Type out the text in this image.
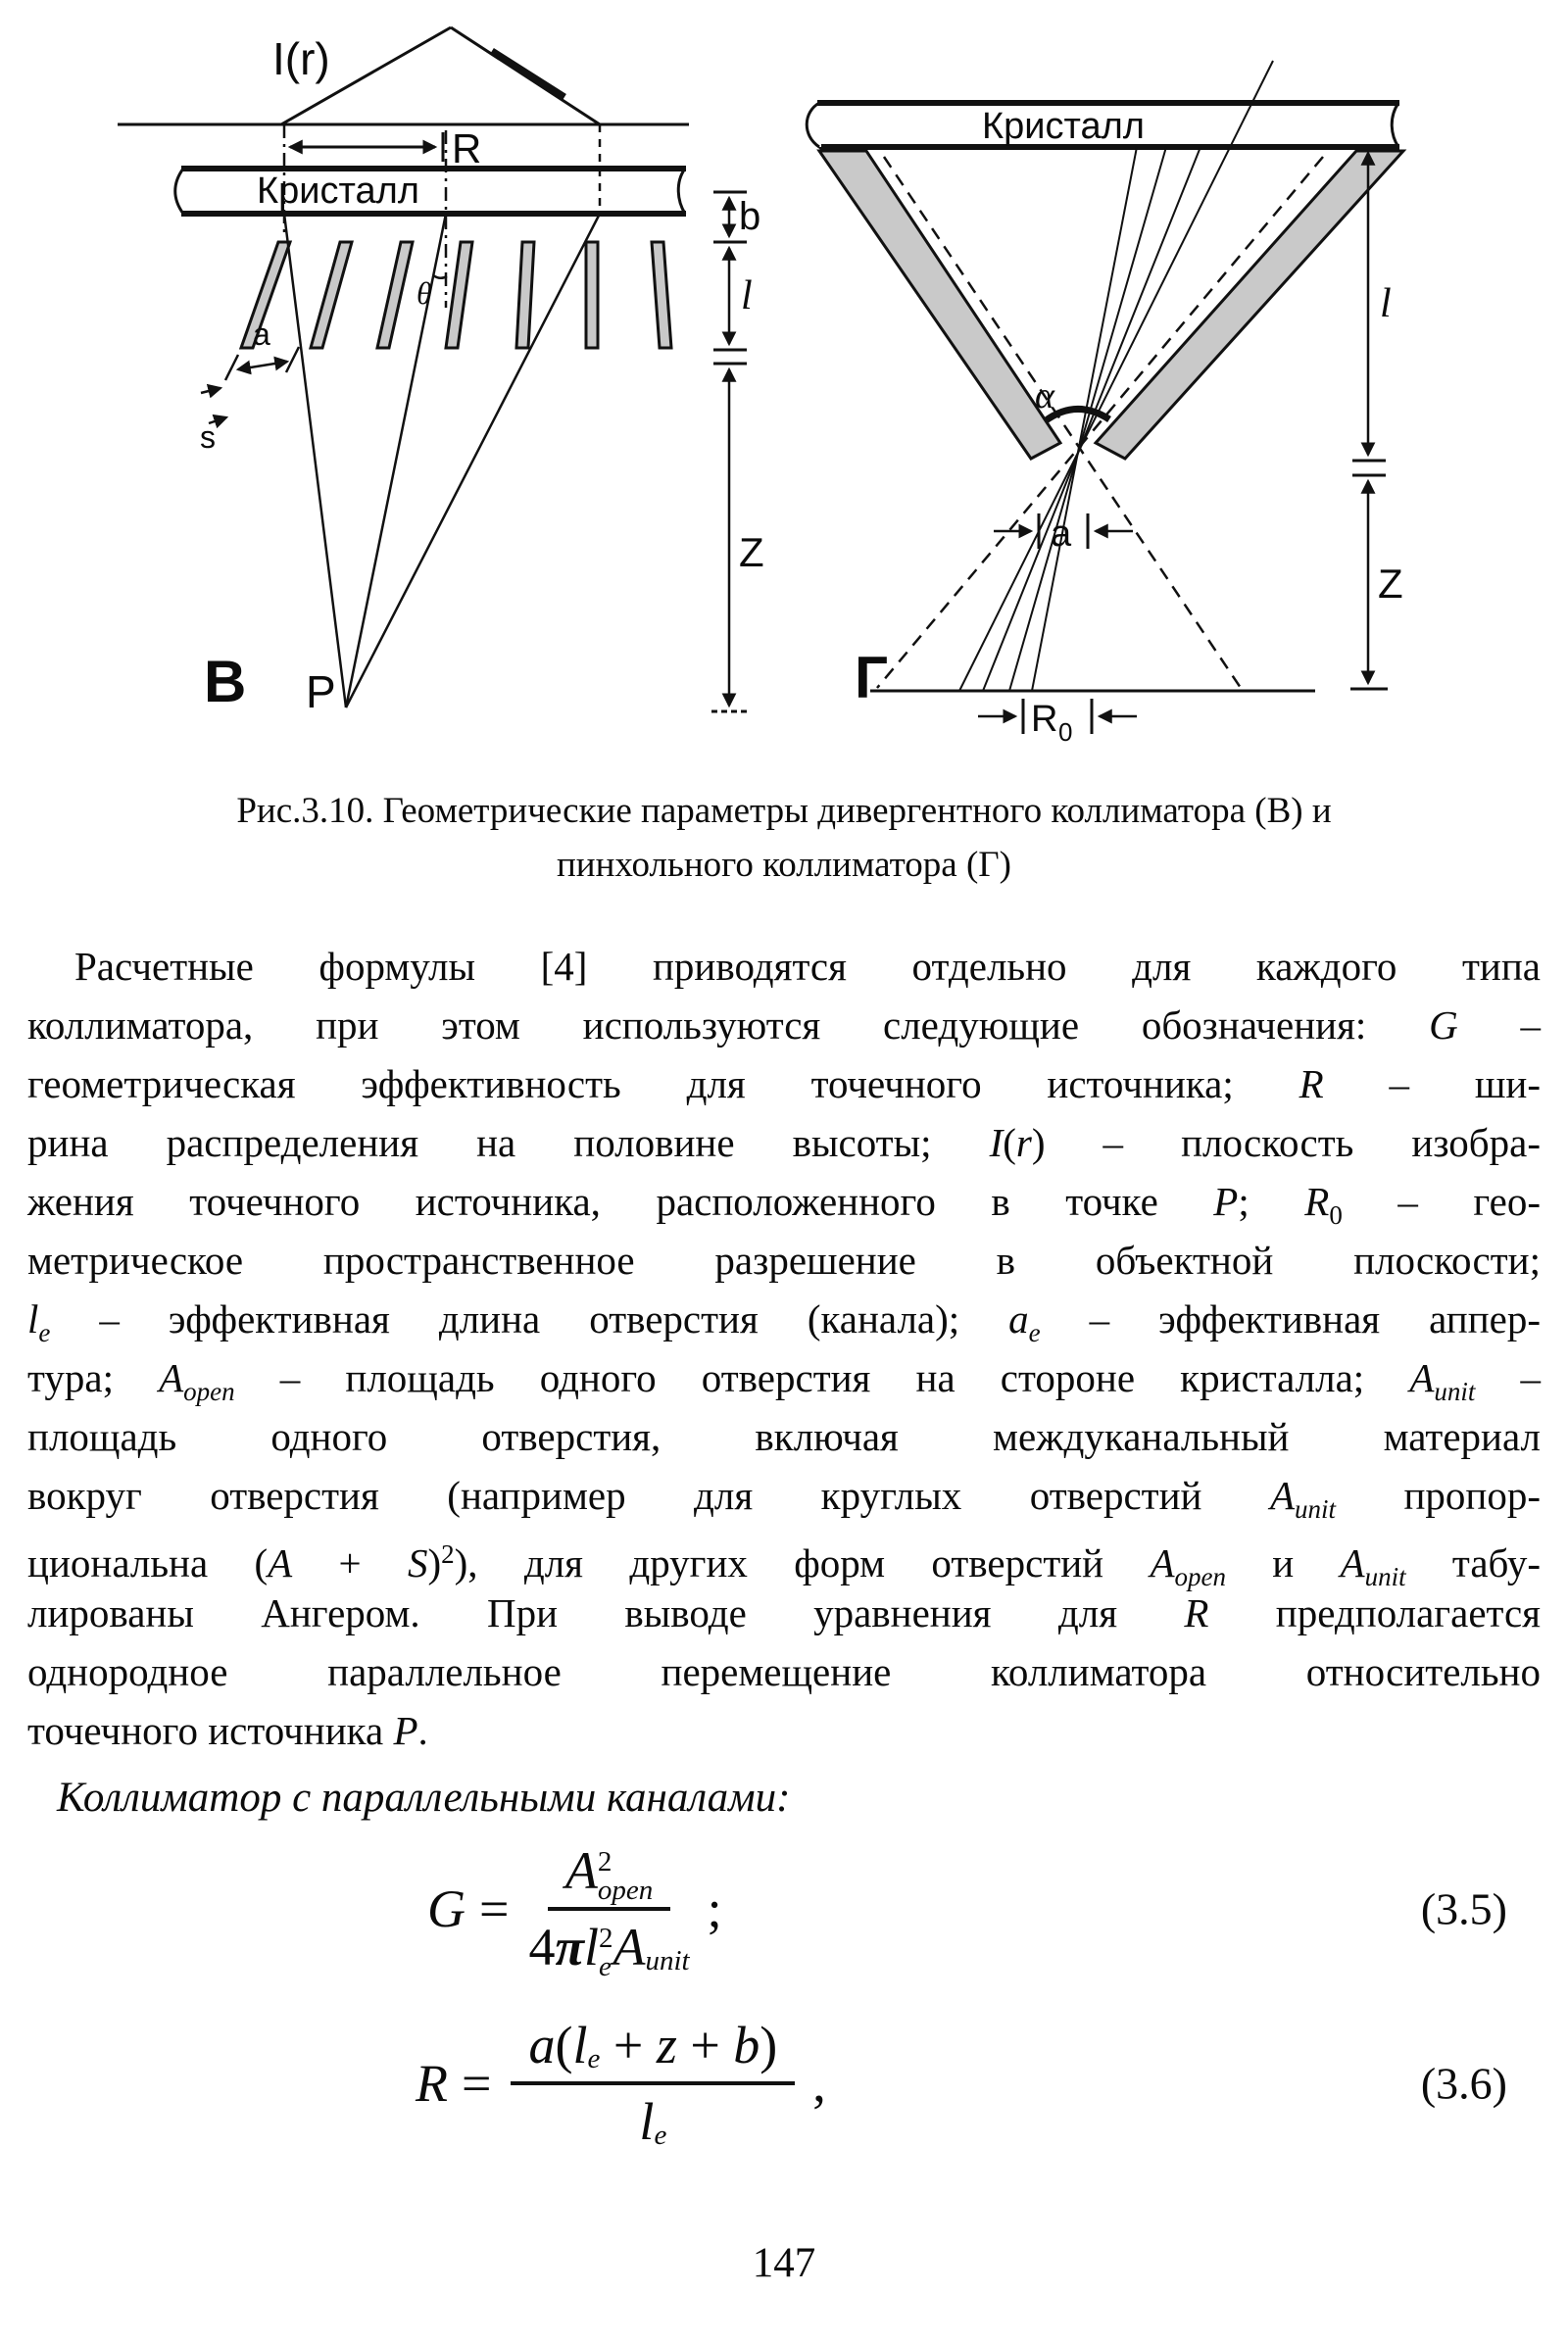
I(r)
R
Кристалл
θ
a
s
b
l
Z
В P
Кристалл
α
a
R 0
l
Z
Г
Рис.3.10. Геометрические параметры дивергентного коллиматора (В) и
пинхольного коллиматора (Г)
Расчетные формулы [4] приводятся отдельно для каждого типа
коллиматора, при этом используются следующие обозначения: G –
геометрическая эффективность для точечного источника; R – ши-
рина распределения на половине высоты; I(r) – плоскость изобра-
жения точечного источника, расположенного в точке P; $R_0 - гео-$
метрическое пространственное разрешение в объектной плоскости;
$l_e$ – эффективная длина отверстия (канала); $a_e$ – эффективная аппер-
тура; $A_{open}$ – площадь одного отверстия на стороне кристалла; $A_{unit}$ –
площадь одного отверстия, включая междуканальный материал
вокруг отверстия (например для круглых отверстий $A_{unit}$ пропор-
циональна $(A + S)^2$), для других форм отверстий $A_{open}$ и $A_{unit}$ табу-
лированы Ангером. При выводе уравнения для R предполагается
однородное параллельное перемещение коллиматора относительно
точечного источника P.
Коллиматор с параллельными каналами:
G = A 2
open
4 π l 2
e A unit ;	(3.5)
$R = \frac{\text{a ( l e + z + b )}}{\text{l e}}$ ,	(3.6)
147
